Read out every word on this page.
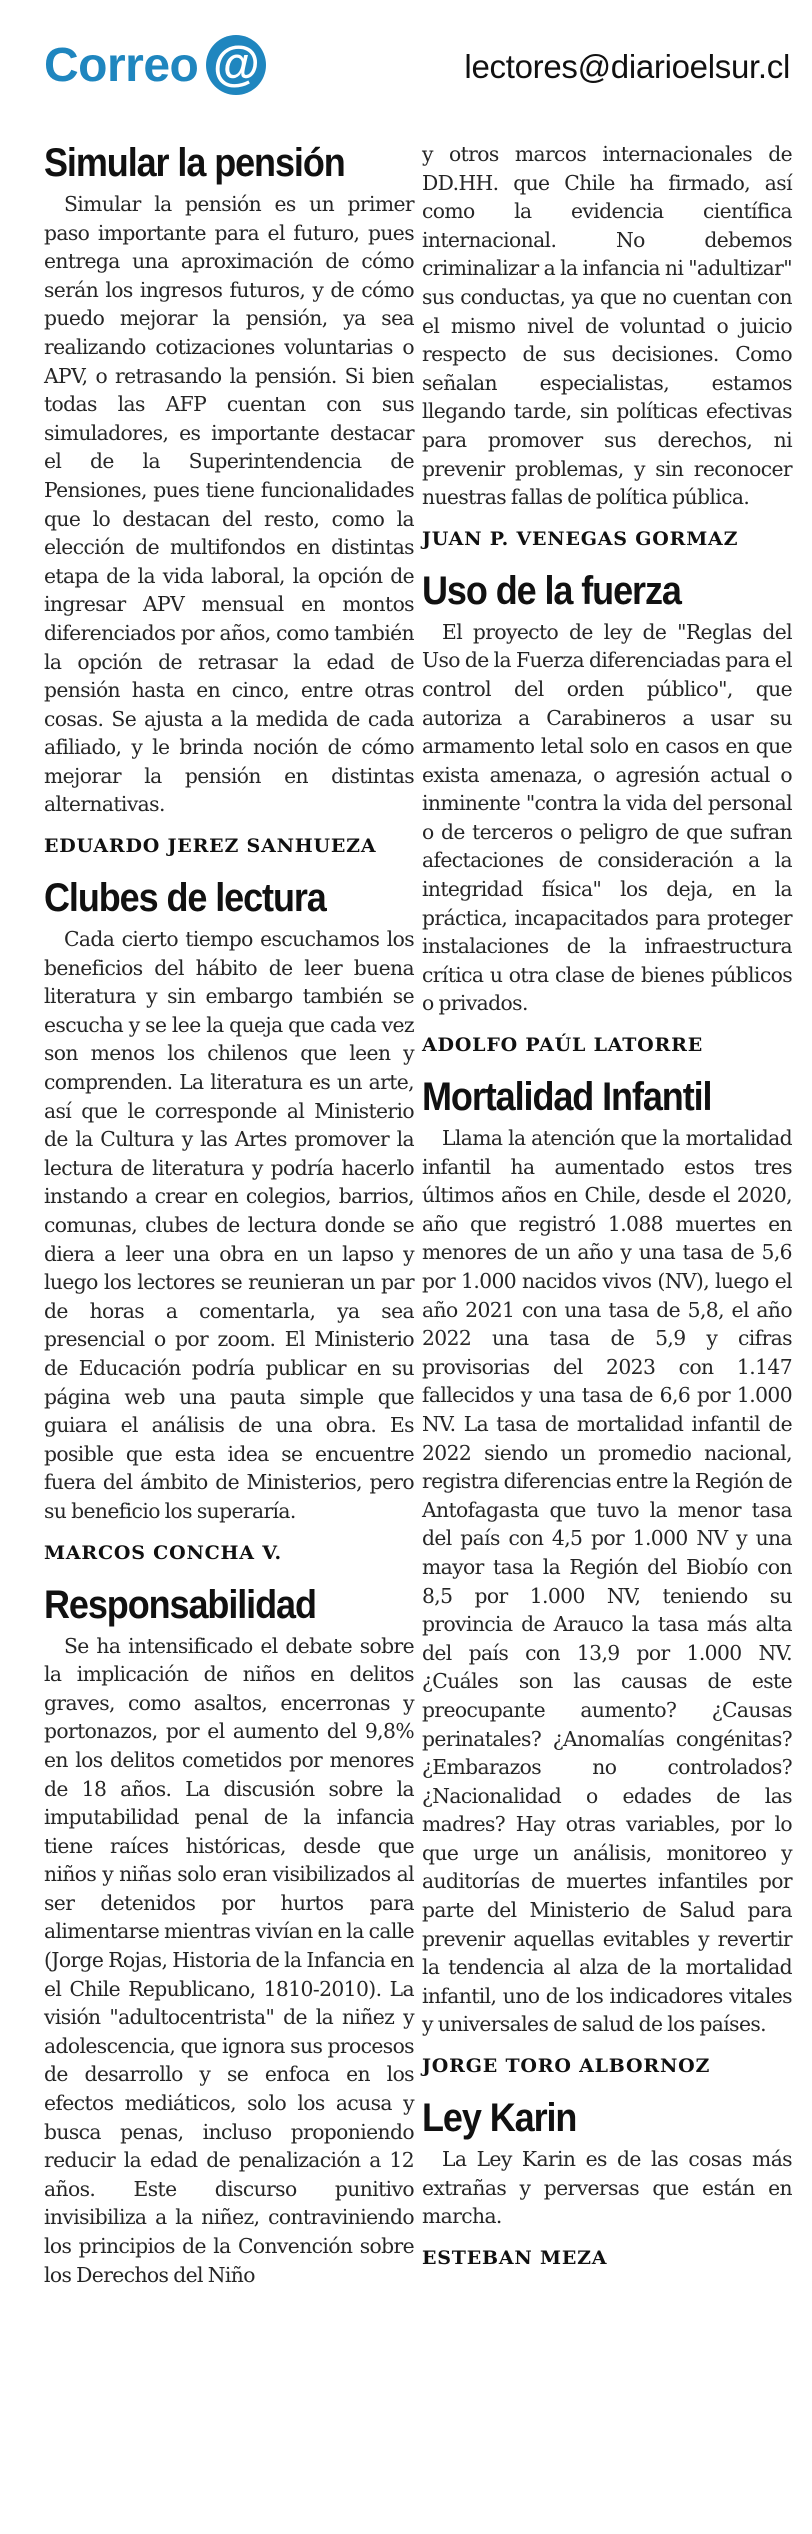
Correo @	lectores@diarioelsur.cl
Simular la pensión

Simular la pensión es un primer paso importante para el futuro, pues entrega una aproximación de cómo serán los ingresos futuros, y de cómo puedo mejorar la pensión, ya sea realizando cotizaciones voluntarias o APV, o retrasando la pensión. Si bien todas las AFP cuentan con sus simuladores, es importante destacar el de la Superintendencia de Pensiones, pues tiene funcionalidades que lo destacan del resto, como la elección de multifondos en distintas etapa de la vida laboral, la opción de ingresar APV mensual en montos diferenciados por años, como también la opción de retrasar la edad de pensión hasta en cinco, entre otras cosas. Se ajusta a la medida de cada afiliado, y le brinda noción de cómo mejorar la pensión en distintas alternativas.

EDUARDO JEREZ SANHUEZA
Clubes de lectura

Cada cierto tiempo escuchamos los beneficios del hábito de leer buena literatura y sin embargo también se escucha y se lee la queja que cada vez son menos los chilenos que leen y comprenden. La literatura es un arte, así que le corresponde al Ministerio de la Cultura y las Artes promover la lectura de literatura y podría hacerlo instando a crear en colegios, barrios, comunas, clubes de lectura donde se diera a leer una obra en un lapso y luego los lectores se reunieran un par de horas a comentarla, ya sea presencial o por zoom. El Ministerio de Educación podría publicar en su página web una pauta simple que guiara el análisis de una obra. Es posible que esta idea se encuentre fuera del ámbito de Ministerios, pero su beneficio los superaría.

MARCOS CONCHA V.
Responsabilidad

Se ha intensificado el debate sobre la implicación de niños en delitos graves, como asaltos, encerronas y portonazos, por el aumento del 9,8% en los delitos cometidos por menores de 18 años. La discusión sobre la imputabilidad penal de la infancia tiene raíces históricas, desde que niños y niñas solo eran visibilizados al ser detenidos por hurtos para alimentarse mientras vivían en la calle (Jorge Rojas, Historia de la Infancia en el Chile Republicano, 1810-2010). La visión "adultocentrista" de la niñez y adolescencia, que ignora sus procesos de desarrollo y se enfoca en los efectos mediáticos, solo los acusa y busca penas, incluso proponiendo reducir la edad de penalización a 12 años. Este discurso punitivo invisibiliza a la niñez, contraviniendo los principios de la Convención sobre los Derechos del Niño

y otros marcos internacionales de DD.HH. que Chile ha firmado, así como la evidencia científica internacional. No debemos criminalizar a la infancia ni "adultizar" sus conductas, ya que no cuentan con el mismo nivel de voluntad o juicio respecto de sus decisiones. Como señalan especialistas, estamos llegando tarde, sin políticas efectivas para promover sus derechos, ni prevenir problemas, y sin reconocer nuestras fallas de política pública.

JUAN P. VENEGAS GORMAZ
Uso de la fuerza

El proyecto de ley de "Reglas del Uso de la Fuerza diferenciadas para el control del orden público", que autoriza a Carabineros a usar su armamento letal solo en casos en que exista amenaza, o agresión actual o inminente "contra la vida del personal o de terceros o peligro de que sufran afectaciones de consideración a la integridad física" los deja, en la práctica, incapacitados para proteger instalaciones de la infraestructura crítica u otra clase de bienes públicos o privados.

ADOLFO PAÚL LATORRE
Mortalidad Infantil

Llama la atención que la mortalidad infantil ha aumentado estos tres últimos años en Chile, desde el 2020, año que registró 1.088 muertes en menores de un año y una tasa de 5,6 por 1.000 nacidos vivos (NV), luego el año 2021 con una tasa de 5,8, el año 2022 una tasa de 5,9 y cifras provisorias del 2023 con 1.147 fallecidos y una tasa de 6,6 por 1.000 NV. La tasa de mortalidad infantil de 2022 siendo un promedio nacional, registra diferencias entre la Región de Antofagasta que tuvo la menor tasa del país con 4,5 por 1.000 NV y una mayor tasa la Región del Biobío con 8,5 por 1.000 NV, teniendo su provincia de Arauco la tasa más alta del país con 13,9 por 1.000 NV. ¿Cuáles son las causas de este preocupante aumento? ¿Causas perinatales? ¿Anomalías congénitas? ¿Embarazos no controlados? ¿Nacionalidad o edades de las madres? Hay otras variables, por lo que urge un análisis, monitoreo y auditorías de muertes infantiles por parte del Ministerio de Salud para prevenir aquellas evitables y revertir la tendencia al alza de la mortalidad infantil, uno de los indicadores vitales y universales de salud de los países.

JORGE TORO ALBORNOZ
Ley Karin

La Ley Karin es de las cosas más extrañas y perversas que están en marcha.

ESTEBAN MEZA
